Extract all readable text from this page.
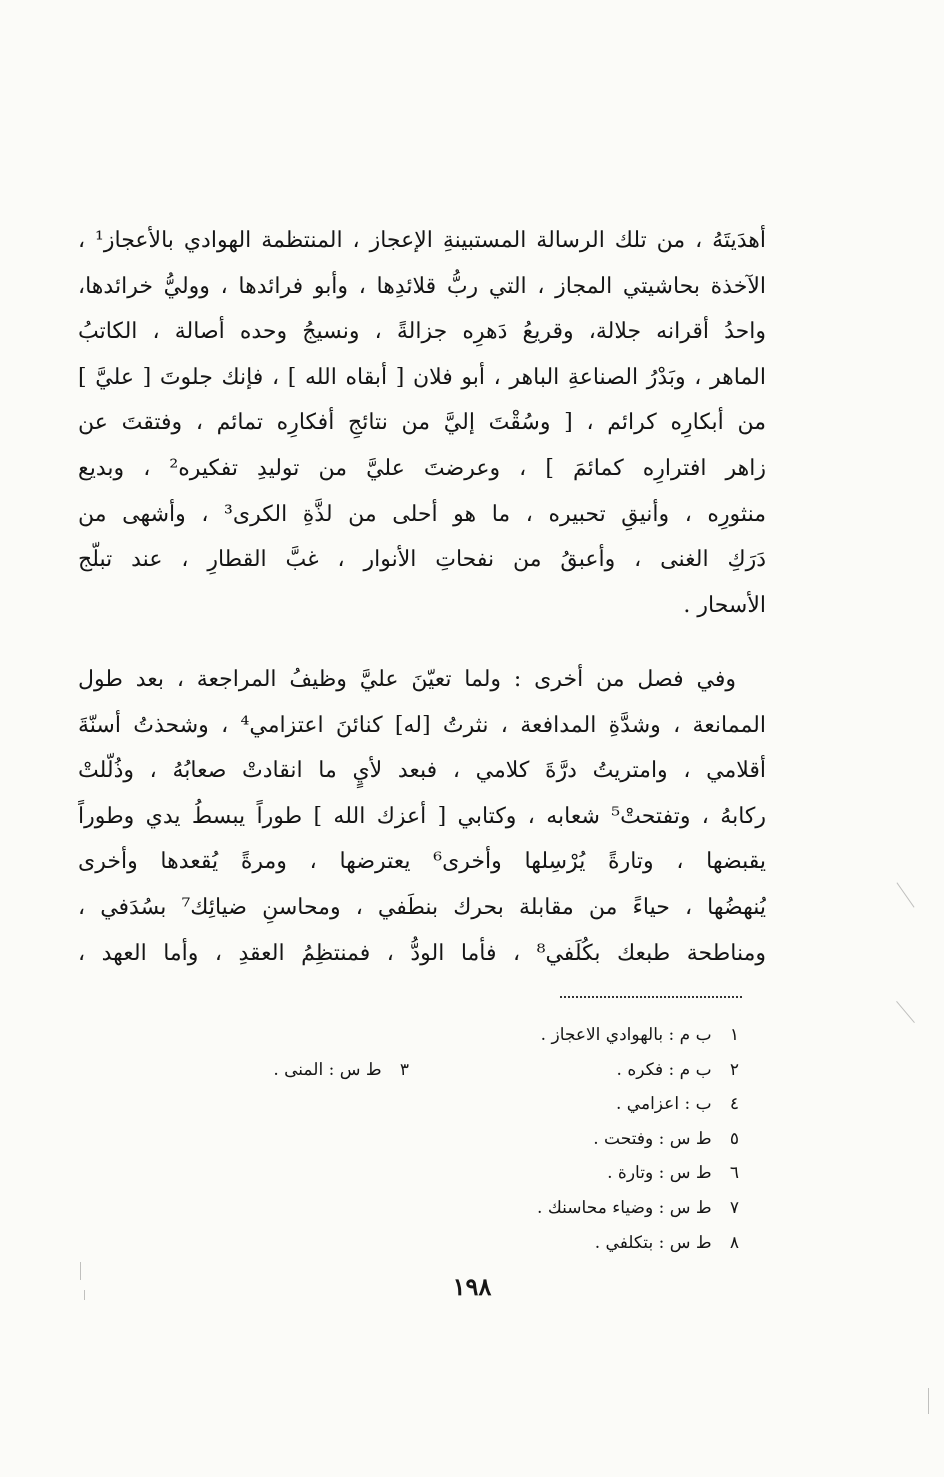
أهدَيتَهُ ، من تلك الرسالة المستبينةِ الإعجاز ، المنتظمة الهوادي بالأعجاز¹ ،
الآخذة بحاشيتي المجاز ، التي ربُّ قلائدِها ، وأبو فرائدها ، ووليُّ خرائدها،
واحدُ أقرانه جلالة، وقريعُ دَهرِه جزالةً ، ونسيجُ وحده أصالة ، الكاتبُ
الماهر ، وبَدْرُ الصناعةِ الباهر ، أبو فلان [ أبقاه الله ] ، فإنك جلوتَ [ عليَّ ]
من أبكارِه كرائم ، [ وسُقْتَ إليَّ من نتائجِ أفكارِه تمائم ، وفتقتَ عن
زاهر افترارِه كمائمَ ] ، وعرضتَ عليَّ من توليدِ تفكيره² ، وبديع
منثورِه ، وأنيقِ تحبيره ، ما هو أحلى من لذَّةِ الكرى³ ، وأشهى من
دَرَكِ الغنى ، وأعبقُ من نفحاتِ الأنوار ، غبَّ القطارِ ، عند تبلّج
الأسحار .
وفي فصل من أخرى : ولما تعيّنَ عليَّ وظيفُ المراجعة ، بعد طول
الممانعة ، وشدَّةِ المدافعة ، نثرتُ [له] كنائنَ اعتزامي⁴ ، وشحذتُ أسنّةَ
أقلامي ، وامتريتُ درَّةَ كلامي ، فبعد لأيٍ ما انقادتْ صعابُهُ ، وذُلّلتْ
ركابهُ ، وتفتحتْ⁵ شعابه ، وكتابي [ أعزك الله ] طوراً يبسطُ يدي وطوراً
يقبضها ، وتارةً يُرْسِلها وأخرى⁶ يعترضها ، ومرةً يُقعدها وأخرى
يُنهضُها ، حياءً من مقابلة بحرك بنطَفي ، ومحاسنِ ضيائِك⁷ بسُدَفي ،
ومناطحة طبعك بكُلَفي⁸ ، فأما الودُّ ، فمنتظِمُ العقدِ ، وأما العهد ،
١ ب م : بالهوادي الاعجاز .
٢ ب م : فكره .
٣ ط س : المنى .
٤ ب : اعزامي .
٥ ط س : وفتحت .
٦ ط س : وتارة .
٧ ط س : وضياء محاسنك .
٨ ط س : بتكلفي .
١٩٨
